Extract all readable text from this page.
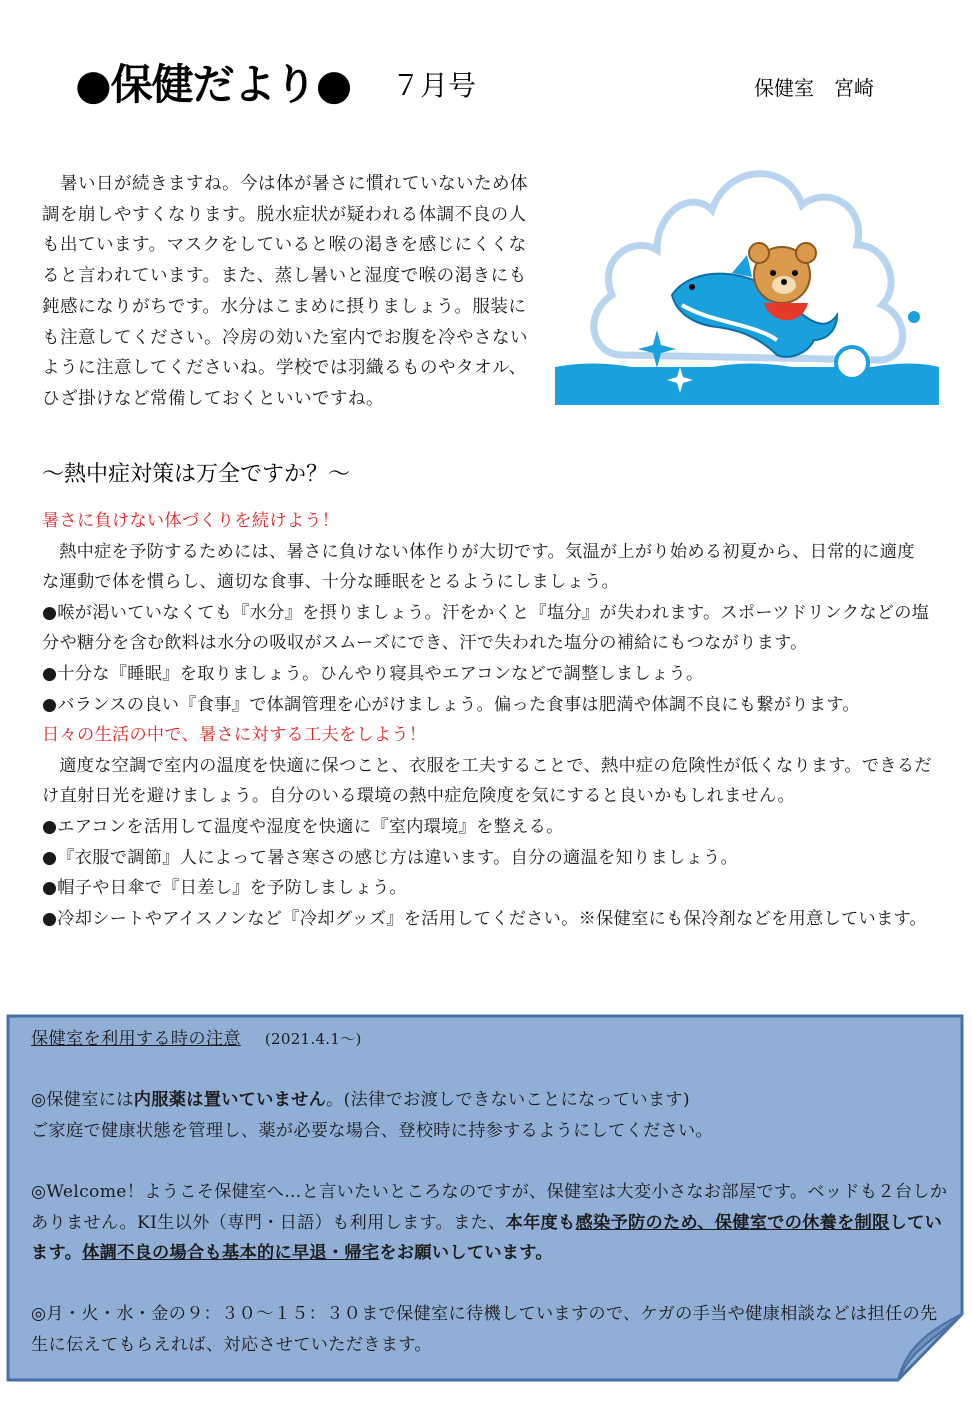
●保健だより● ７月号	保健室　宮崎

　暑い日が続きますね。今は体が暑さに慣れていないため体調を崩しやすくなります。脱水症状が疑われる体調不良の人も出ています。マスクをしていると喉の渇きを感じにくくなると言われています。また、蒸し暑いと湿度で喉の渇きにも鈍感になりがちです。水分はこまめに摂りましょう。服装にも注意してください。冷房の効いた室内でお腹を冷やさないように注意してくださいね。学校では羽織るものやタオル、ひざ掛けなど常備しておくといいですね。

～熱中症対策は万全ですか？～

暑さに負けない体づくりを続けよう！

熱中症を予防するためには、暑さに負けない体作りが大切です。気温が上がり始める初夏から、日常的に適度な運動で体を慣らし、適切な食事、十分な睡眠をとるようにしましょう。

●喉が渇いていなくても『水分』を摂りましょう。汗をかくと『塩分』が失われます。スポーツドリンクなどの塩分や糖分を含む飲料は水分の吸収がスムーズにでき、汗で失われた塩分の補給にもつながります。

●十分な『睡眠』を取りましょう。ひんやり寝具やエアコンなどで調整しましょう。

●バランスの良い『食事』で体調管理を心がけましょう。偏った食事は肥満や体調不良にも繋がります。

日々の生活の中で、暑さに対する工夫をしよう！

適度な空調で室内の温度を快適に保つこと、衣服を工夫することで、熱中症の危険性が低くなります。できるだけ直射日光を避けましょう。自分のいる環境の熱中症危険度を気にすると良いかもしれません。

●エアコンを活用して温度や湿度を快適に『室内環境』を整える。

●『衣服で調節』人によって暑さ寒さの感じ方は違います。自分の適温を知りましょう。

●帽子や日傘で『日差し』を予防しましょう。

●冷却シートやアイスノンなど『冷却グッズ』を活用してください。※保健室にも保冷剤などを用意しています。

保健室を利用する時の注意 (2021.4.1～)

◎保健室には内服薬は置いていません。(法律でお渡しできないことになっています)

ご家庭で健康状態を管理し、薬が必要な場合、登校時に持参するようにしてください。

◎Welcome！ようこそ保健室へ…と言いたいところなのですが、保健室は大変小さなお部屋です。ベッドも２台しかありません。KI生以外（専門・日語）も利用します。また、本年度も感染予防のため、保健室での休養を制限しています。体調不良の場合も基本的に早退・帰宅をお願いしています。

◎月・火・水・金の９：３０～１５：３０まで保健室に待機していますので、ケガの手当や健康相談などは担任の先生に伝えてもらえれば、対応させていただきます。
